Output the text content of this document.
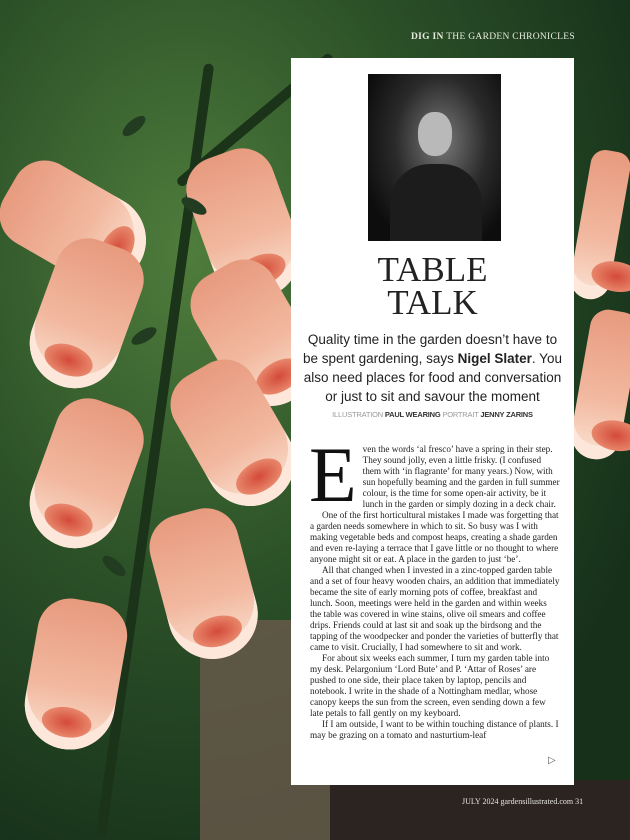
DIG IN THE GARDEN CHRONICLES
TABLE
TALK
Quality time in the garden doesn’t have to be spent gardening, says Nigel Slater. You also need places for food and conversation or just to sit and savour the moment
ILLUSTRATION PAUL WEARING PORTRAIT JENNY ZARINS
E ven the words ‘al fresco’ have a spring in their step. They sound jolly, even a little frisky. (I confused them with ‘in flagrante’ for many years.) Now, with sun hopefully beaming and the garden in full summer colour, is the time for some open-air activity, be it lunch in the garden or simply dozing in a deck chair.

One of the first horticultural mistakes I made was forgetting that a garden needs somewhere in which to sit. So busy was I with making vegetable beds and compost heaps, creating a shade garden and even re-laying a terrace that I gave little or no thought to where anyone might sit or eat. A place in the garden to just ‘be’.

All that changed when I invested in a zinc-topped garden table and a set of four heavy wooden chairs, an addition that immediately became the site of early morning pots of coffee, breakfast and lunch. Soon, meetings were held in the garden and within weeks the table was covered in wine stains, olive oil smears and coffee drips. Friends could at last sit and soak up the birdsong and the tapping of the woodpecker and ponder the varieties of butterfly that came to visit. Crucially, I had somewhere to sit and work.

For about six weeks each summer, I turn my garden table into my desk. Pelargonium ‘Lord Bute’ and P. ‘Attar of Roses’ are pushed to one side, their place taken by laptop, pencils and notebook. I write in the shade of a Nottingham medlar, whose canopy keeps the sun from the screen, even sending down a few late petals to fall gently on my keyboard.

If I am outside, I want to be within touching distance of plants. I may be grazing on a tomato and nasturtium-leaf

▷
JULY 2024 gardensillustrated.com 31
